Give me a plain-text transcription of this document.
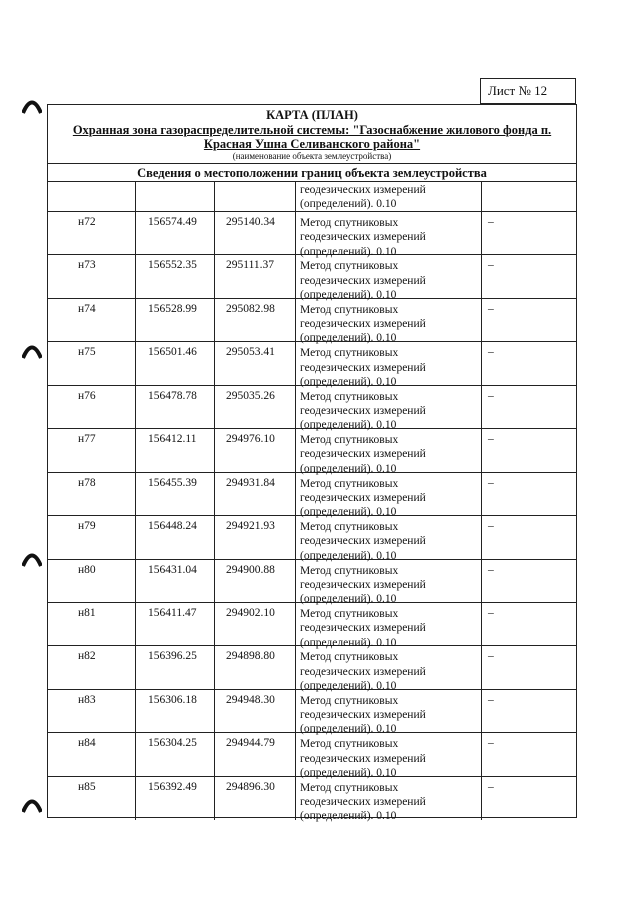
Лист № 12
КАРТА (ПЛАН)
Охранная зона газораспределительной системы: "Газоснабжение жилового фонда п.
Красная Ушна Селиванского района"
(наименование объекта землеустройства)
Сведения о местоположении границ объекта землеустройства
геодезических измерений
(определений). 0.10
н72	156574.49	295140.34	Метод спутниковых
геодезических измерений
(определений). 0.10
–
н73	156552.35	295111.37	Метод спутниковых
геодезических измерений
(определений). 0.10
–
н74	156528.99	295082.98	Метод спутниковых
геодезических измерений
(определений). 0.10
–
н75	156501.46	295053.41	Метод спутниковых
геодезических измерений
(определений). 0.10
–
н76	156478.78	295035.26	Метод спутниковых
геодезических измерений
(определений). 0.10
–
н77	156412.11	294976.10	Метод спутниковых
геодезических измерений
(определений). 0.10
–
н78	156455.39	294931.84	Метод спутниковых
геодезических измерений
(определений). 0.10
–
н79	156448.24	294921.93	Метод спутниковых
геодезических измерений
(определений). 0.10
–
н80	156431.04	294900.88	Метод спутниковых
геодезических измерений
(определений). 0.10
–
н81	156411.47	294902.10	Метод спутниковых
геодезических измерений
(определений). 0.10
–
н82	156396.25	294898.80	Метод спутниковых
геодезических измерений
(определений). 0.10
–
н83	156306.18	294948.30	Метод спутниковых
геодезических измерений
(определений). 0.10
–
н84	156304.25	294944.79	Метод спутниковых
геодезических измерений
(определений). 0.10
–
н85	156392.49	294896.30	Метод спутниковых
геодезических измерений
(определений). 0.10
–
